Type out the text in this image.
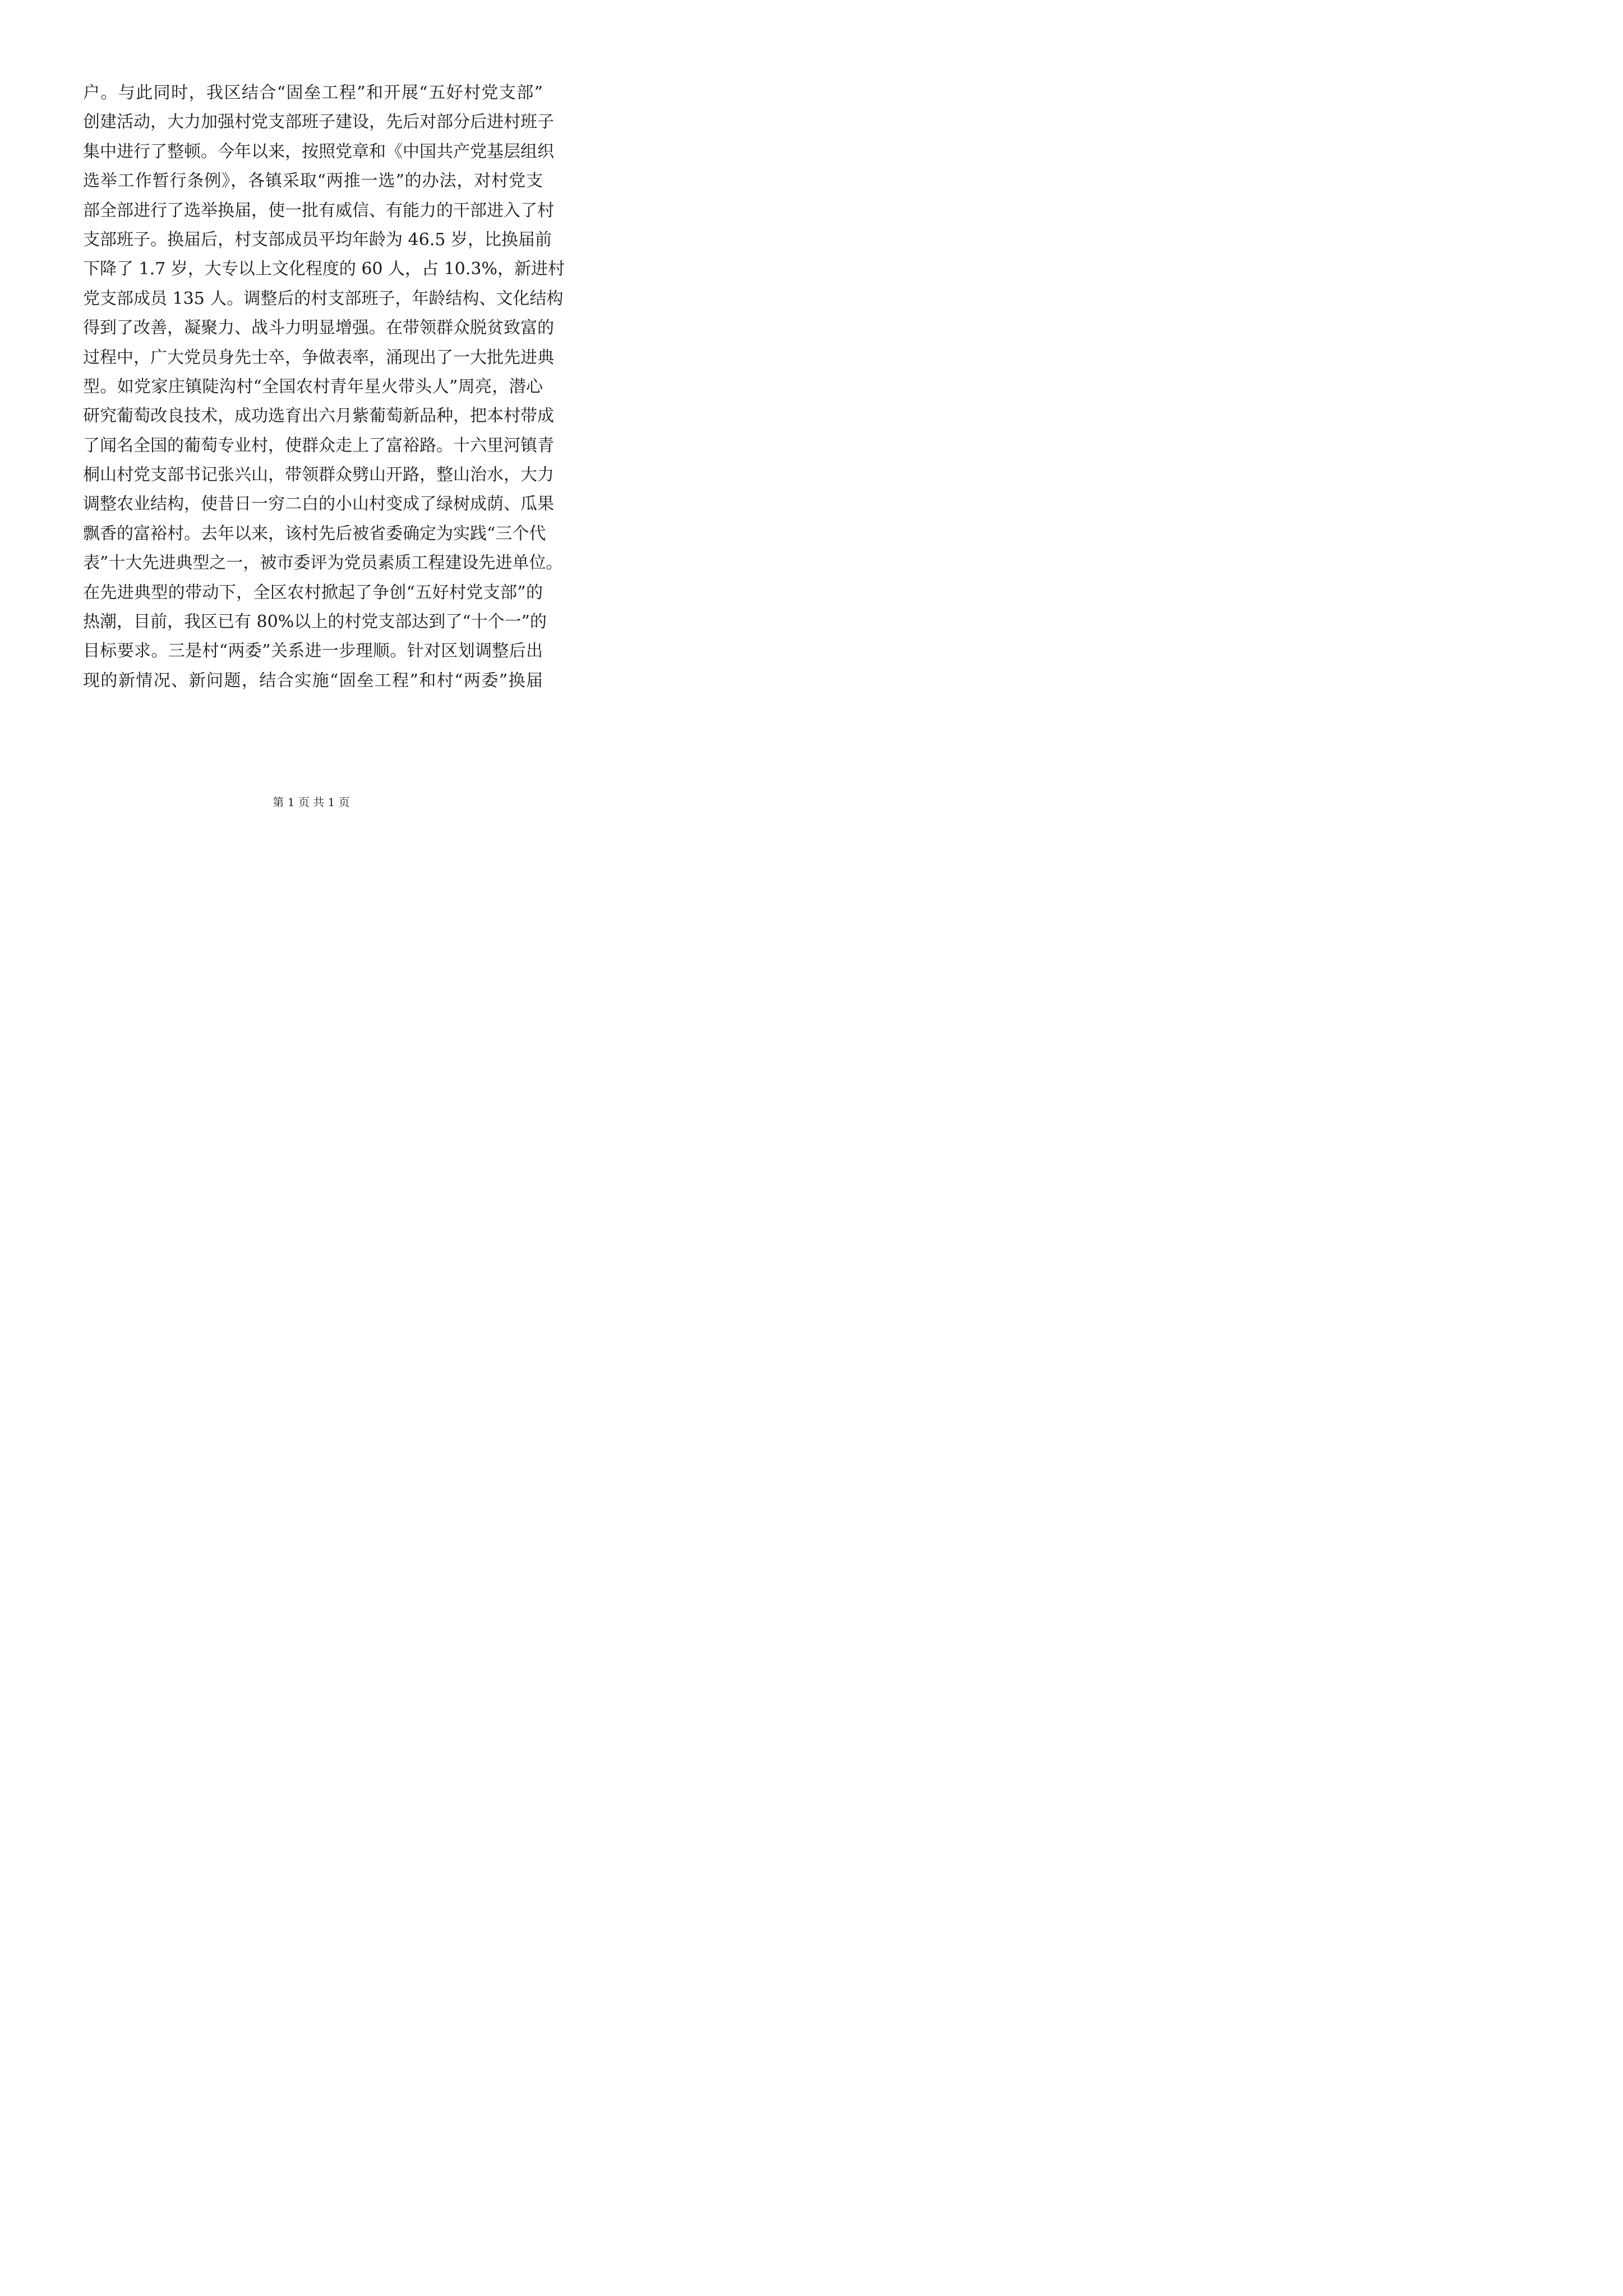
户。与此同时，我区结合“固垒工程”和开展“五好村党支部”
创建活动，大力加强村党支部班子建设，先后对部分后进村班子
集中进行了整顿。今年以来，按照党章和《中国共产党基层组织
选举工作暂行条例》，各镇采取“两推一选”的办法，对村党支
部全部进行了选举换届，使一批有威信、有能力的干部进入了村
支部班子。换届后，村支部成员平均年龄为 46.5 岁，比换届前
下降了 1.7 岁，大专以上文化程度的 60 人，占 10.3%，新进村
党支部成员 135 人。调整后的村支部班子，年龄结构、文化结构
得到了改善，凝聚力、战斗力明显增强。在带领群众脱贫致富的
过程中，广大党员身先士卒，争做表率，涌现出了一大批先进典
型。如党家庄镇陡沟村“全国农村青年星火带头人”周亮，潜心
研究葡萄改良技术，成功选育出六月紫葡萄新品种，把本村带成
了闻名全国的葡萄专业村，使群众走上了富裕路。十六里河镇青
桐山村党支部书记张兴山，带领群众劈山开路，整山治水，大力
调整农业结构，使昔日一穷二白的小山村变成了绿树成荫、瓜果
飘香的富裕村。去年以来，该村先后被省委确定为实践“三个代
表”十大先进典型之一，被市委评为党员素质工程建设先进单位。
在先进典型的带动下，全区农村掀起了争创“五好村党支部”的
热潮，目前，我区已有 80%以上的村党支部达到了“十个一”的
目标要求。三是村“两委”关系进一步理顺。针对区划调整后出
现的新情况、新问题，结合实施“固垒工程”和村“两委”换届
第 1 页 共 1 页
